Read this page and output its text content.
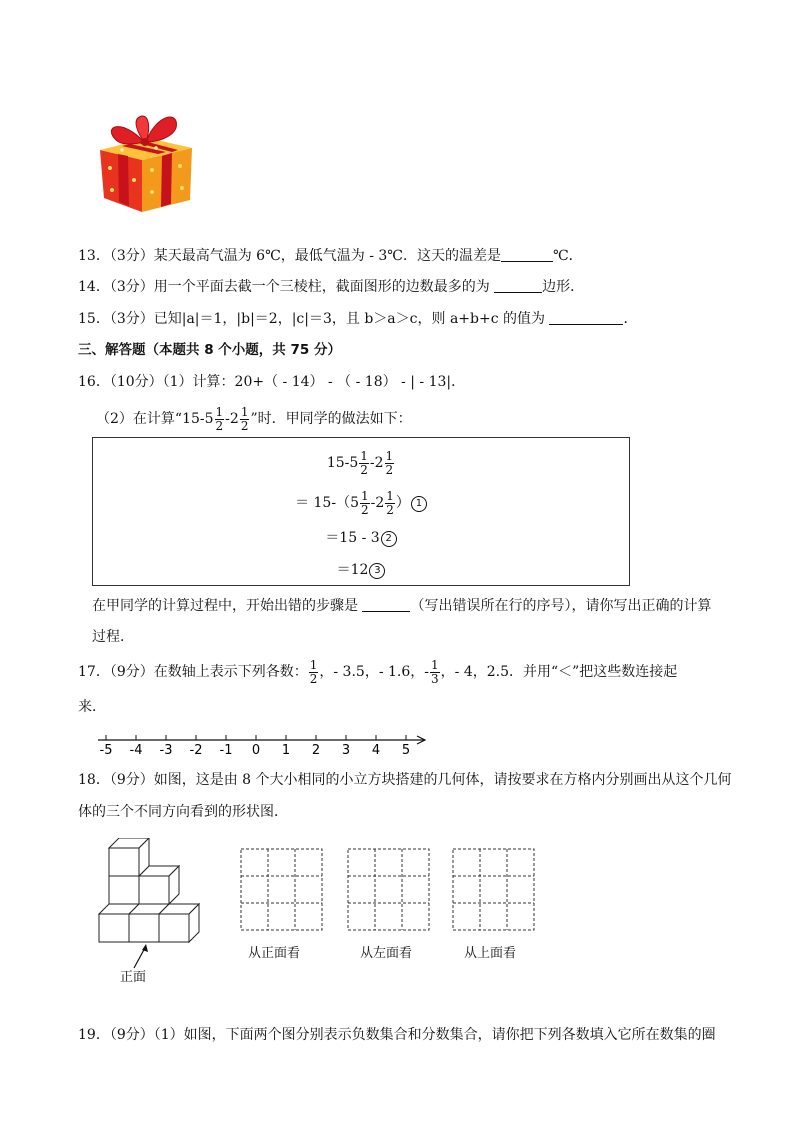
13．（3分）某天最高气温为 6℃，最低气温为 - 3℃．这天的温差是	℃．
14．（3分）用一个平面去截一个三棱柱，截面图形的边数最多的为	边形．
15．（3分）已知|a|＝1，|b|＝2，|c|＝3，且 b＞a＞c，则 a+b+c 的值为	．
三、解答题（本题共 8 个小题，共 75 分）
16．（10分）（1）计算：20+（ - 14） - （ - 18） - | - 13|．
（2）在计算“$15-5 \frac{1}{2} -2 \frac{1}{2}$ ”时．甲同学的做法如下：
$15-5 \frac{1}{2} -2 \frac{1}{2}$
＝ $15-(5 \frac{1}{2} -2 \frac{1}{2}$ ） 1
＝15 - 3 2
＝12 3
在甲同学的计算过程中，开始出错的步骤是	（写出错误所在行的序号），请你写出正确的计算
过程．
17．（9分）在数轴上表示下列各数： $\frac{1}{2}$ ，- 3.5，- 1.6，- $\frac{1}{3}$ ，- 4，2.5．并用“＜”把这些数连接起
来．
-5 -4 -3 -2 -1 0 1 2 3 4 5
18．（9分）如图，这是由 8 个大小相同的小立方块搭建的几何体，请按要求在方格内分别画出从这个几何
体的三个不同方向看到的形状图．
正面
从正面看	从左面看	从上面看
19．（9分）（1）如图，下面两个图分别表示负数集合和分数集合，请你把下列各数填入它所在数集的圈
